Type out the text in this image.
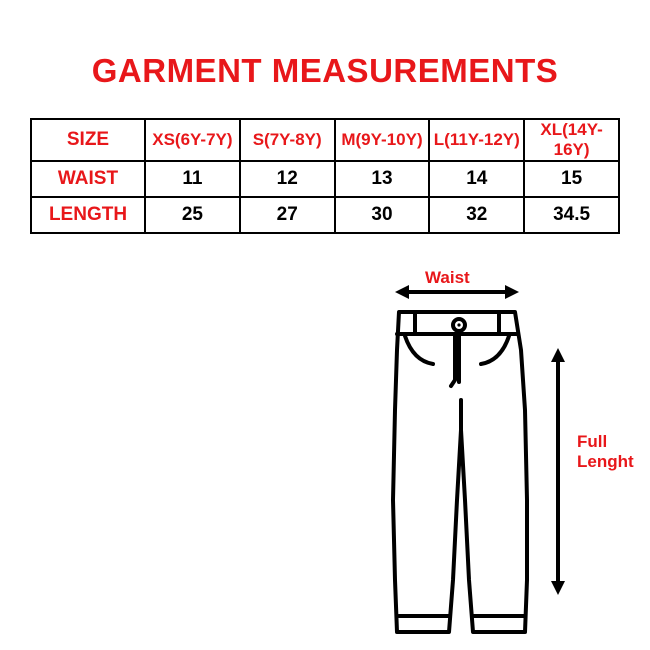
GARMENT MEASUREMENTS
SIZE	XS(6Y-7Y)	S(7Y-8Y)	M(9Y-10Y)	L(11Y-12Y)	XL(14Y-16Y)
WAIST	11	12	13	14	15
LENGTH	25	27	30	32	34.5
Waist
Full
Lenght
